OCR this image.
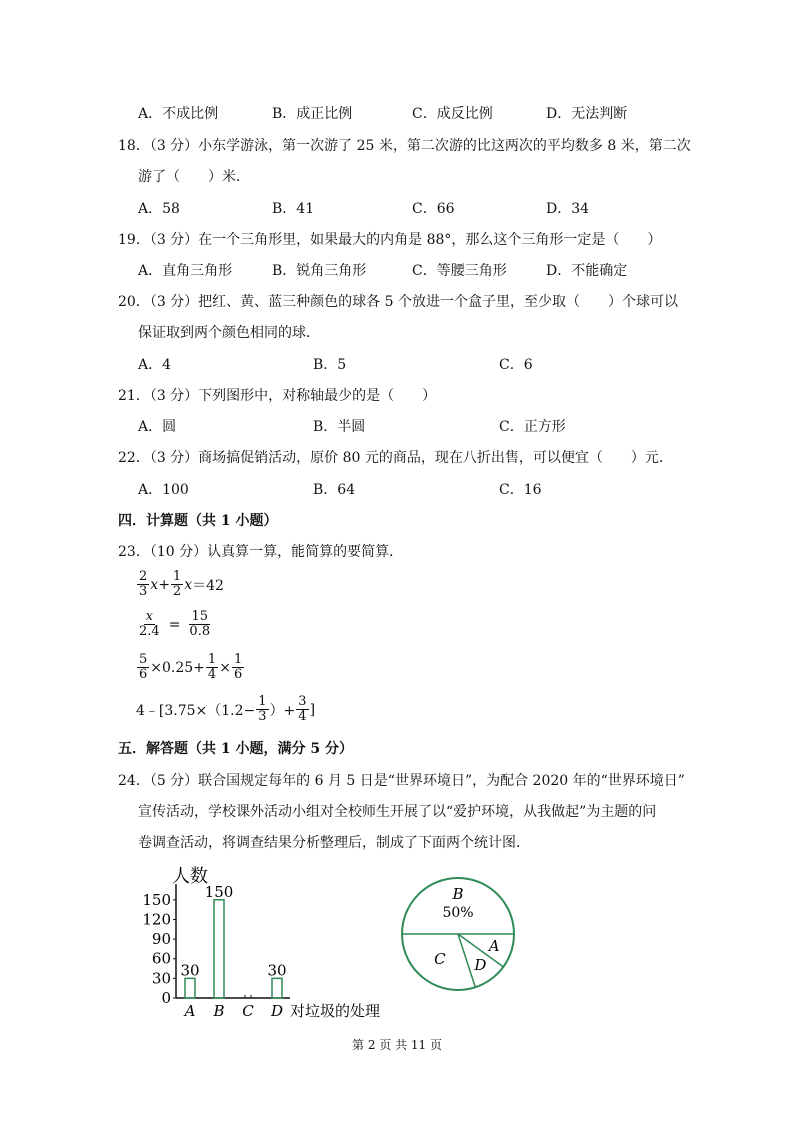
A．不成比例	B．成正比例	C．成反比例	D．无法判断
18．（3 分）小东学游泳，第一次游了 25 米，第二次游的比这两次的平均数多 8 米，第二次
游了（　　）米．
A．58	B．41	C．66	D．34
19．（3 分）在一个三角形里，如果最大的内角是 88°，那么这个三角形一定是（　　）
A．直角三角形	B．锐角三角形	C．等腰三角形	D．不能确定
20．（3 分）把红、黄、蓝三种颜色的球各 5 个放进一个盒子里，至少取（　　）个球可以
保证取到两个颜色相同的球．
A．4	B．5	C．6
21．（3 分）下列图形中，对称轴最少的是（　　）
A．圆	B．半圆	C．正方形
22．（3 分）商场搞促销活动，原价 80 元的商品，现在八折出售，可以便宜（　　）元．
A．100	B．64	C．16
四．计算题（共 1 小题）
23．（10 分）认真算一算，能简算的要简算．
$\frac{2}{3}$ $x + \frac{1}{2}$ x ＝42
$\frac{x}{2.4} = \frac{15}{0.8}$
$\frac{5}{6} \times 0.25+ \frac{1}{4} \times \frac{1}{6}$
4﹣[3.75×（1.2− $\frac{1}{3}$ ）+ $\frac{3}{4}$ ]
五．解答题（共 1 小题，满分 5 分）
24．（5 分）联合国规定每年的 6 月 5 日是“世界环境日”，为配合 2020 年的“世界环境日”
宣传活动，学校课外活动小组对全校师生开展了以“爱护环境，从我做起”为主题的问
卷调查活动，将调查结果分析整理后，制成了下面两个统计图．
人数
对垃圾的处理
0
30
60
90
120
150
30
A
150
B C
30
D
B
50%
A
D
C
第 2 页 共 11 页
